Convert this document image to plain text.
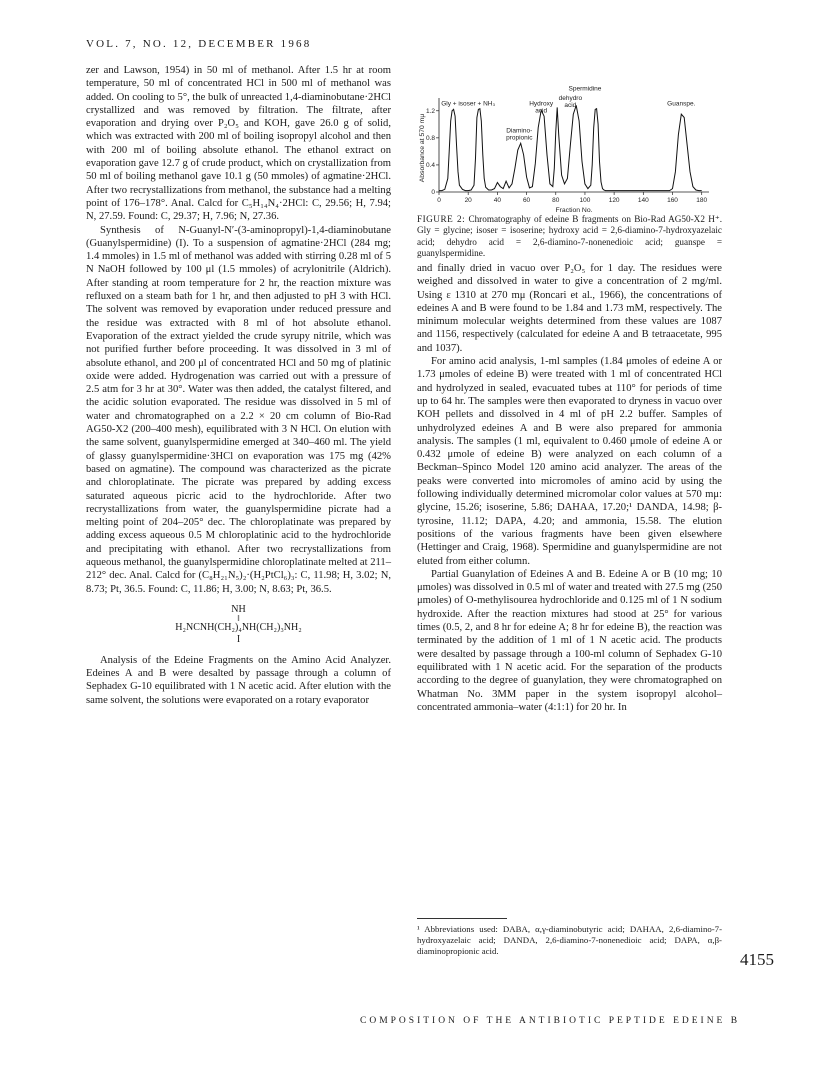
VOL. 7, NO. 12, DECEMBER 1968

zer and Lawson, 1954) in 50 ml of methanol. After 1.5 hr at room temperature, 50 ml of concentrated HCl in 500 ml of methanol was added. On cooling to 5°, the bulk of unreacted 1,4-diaminobutane·2HCl crystallized and was removed by filtration. The filtrate, after evaporation and drying over P₂O₅ and KOH, gave 26.0 g of solid, which was extracted with 200 ml of boiling isopropyl alcohol and then with 200 ml of boiling absolute ethanol. The ethanol extract on evaporation gave 12.7 g of crude product, which on crystallization from 50 ml of boiling methanol gave 10.1 g (50 mmoles) of agmatine·2HCl. After two recrystallizations from methanol, the substance had a melting point of 176–178°. Anal. Calcd for C₅H₁₄N₄·2HCl: C, 29.56; H, 7.94; N, 27.59. Found: C, 29.37; H, 7.96; N, 27.36.

Synthesis of N-Guanyl-N′-(3-aminopropyl)-1,4-diaminobutane (Guanylspermidine) (I). To a suspension of agmatine·2HCl (284 mg; 1.4 mmoles) in 1.5 ml of methanol was added with stirring 0.28 ml of 5 N NaOH followed by 100 μl (1.5 mmoles) of acrylonitrile (Aldrich). After standing at room temperature for 2 hr, the reaction mixture was refluxed on a steam bath for 1 hr, and then adjusted to pH 3 with HCl. The solvent was removed by evaporation under reduced pressure and the residue was extracted with 8 ml of hot absolute ethanol. Evaporation of the extract yielded the crude syrupy nitrile, which was not purified further before proceeding. It was dissolved in 3 ml of absolute ethanol, and 200 μl of concentrated HCl and 50 mg of platinic oxide were added. Hydrogenation was carried out with a pressure of 2.5 atm for 3 hr at 30°. Water was then added, the catalyst filtered, and the acidic solution evaporated. The residue was dissolved in 5 ml of water and chromatographed on a 2.2 × 20 cm column of Bio-Rad AG50-X2 (200–400 mesh), equilibrated with 3 N HCl. On elution with the same solvent, guanylspermidine emerged at 340–460 ml. The yield of glassy guanylspermidine·3HCl on evaporation was 175 mg (42% based on agmatine). The compound was characterized as the picrate and chloroplatinate. The picrate was prepared by adding excess saturated aqueous picric acid to the hydrochloride. After two recrystallizations from water, the guanylspermidine picrate had a melting point of 204–205° dec. The chloroplatinate was prepared by adding excess aqueous 0.5 M chloroplatinic acid to the hydrochloride and precipitating with ethanol. After two recrystallizations from aqueous methanol, the guanylspermidine chloroplatinate melted at 211–212° dec. Anal. Calcd for (C₈H₂₁N₅)₂·(H₂PtCl₆)₃: C, 11.98; H, 3.02; N, 8.73; Pt, 36.5. Found: C, 11.86; H, 3.00; N, 8.63; Pt, 36.5.

NH
‖
H₂NCNH(CH₂)₄NH(CH₂)₃NH₂
I

Analysis of the Edeine Fragments on the Amino Acid Analyzer. Edeines A and B were desalted by passage through a column of Sephadex G-10 equilibrated with 1 N acetic acid. After elution with the same solvent, the solutions were evaporated on a rotary evaporator

0	20	40	60	80	100	120	140	160	180
0
0.4
0.8
1.2
Fraction No.
Absorbance at 570 mμ
Gly + isoser + NH₃	Hydroxy acid
Spermidine
dehydro acid	Guanspe.
Diamino-propionic
FIGURE 2: Chromatography of edeine B fragments on Bio-Rad AG50-X2 H⁺. Gly = glycine; isoser = isoserine; hydroxy acid = 2,6-diamino-7-hydroxyazelaic acid; dehydro acid = 2,6-diamino-7-nonenedioic acid; guanspe = guanylspermidine.

and finally dried in vacuo over P₂O₅ for 1 day. The residues were weighed and dissolved in water to give a concentration of 2 mg/ml. Using ε 1310 at 270 mμ (Roncari et al., 1966), the concentrations of edeines A and B were found to be 1.84 and 1.73 mM, respectively. The minimum molecular weights determined from these values are 1087 and 1156, respectively (calculated for edeine A and B tetraacetate, 995 and 1037).

For amino acid analysis, 1-ml samples (1.84 μmoles of edeine A or 1.73 μmoles of edeine B) were treated with 1 ml of concentrated HCl and hydrolyzed in sealed, evacuated tubes at 110° for periods of time up to 64 hr. The samples were then evaporated to dryness in vacuo over KOH pellets and dissolved in 4 ml of pH 2.2 buffer. Samples of unhydrolyzed edeines A and B were also prepared for ammonia analysis. The samples (1 ml, equivalent to 0.460 μmole of edeine A or 0.432 μmole of edeine B) were analyzed on each column of a Beckman–Spinco Model 120 amino acid analyzer. The areas of the peaks were converted into micromoles of amino acid by using the following individually determined micromolar color values at 570 mμ: glycine, 15.26; isoserine, 5.86; DAHAA, 17.20;¹ DANDA, 14.98; β-tyrosine, 11.12; DAPA, 4.20; and ammonia, 15.58. The elution positions of the various fragments have been given elsewhere (Hettinger and Craig, 1968). Spermidine and guanylspermidine are not eluted from either column.

Partial Guanylation of Edeines A and B. Edeine A or B (10 mg; 10 μmoles) was dissolved in 0.5 ml of water and treated with 27.5 mg (250 μmoles) of O-methylisourea hydrochloride and 0.125 ml of 1 N sodium hydroxide. After the reaction mixtures had stood at 25° for various times (0.5, 2, and 8 hr for edeine A; 8 hr for edeine B), the reaction was terminated by the addition of 1 ml of 1 N acetic acid. The products were desalted by passage through a 100-ml column of Sephadex G-10 equilibrated with 1 N acetic acid. For the separation of the products according to the degree of guanylation, they were chromatographed on Whatman No. 3MM paper in the system isopropyl alcohol–concentrated ammonia–water (4:1:1) for 20 hr. In

¹ Abbreviations used: DABA, α,γ-diaminobutyric acid; DAHAA, 2,6-diamino-7-hydroxyazelaic acid; DANDA, 2,6-diamino-7-nonenedioic acid; DAPA, α,β-diaminopropionic acid.	4155
COMPOSITION OF THE ANTIBIOTIC PEPTIDE EDEINE B
